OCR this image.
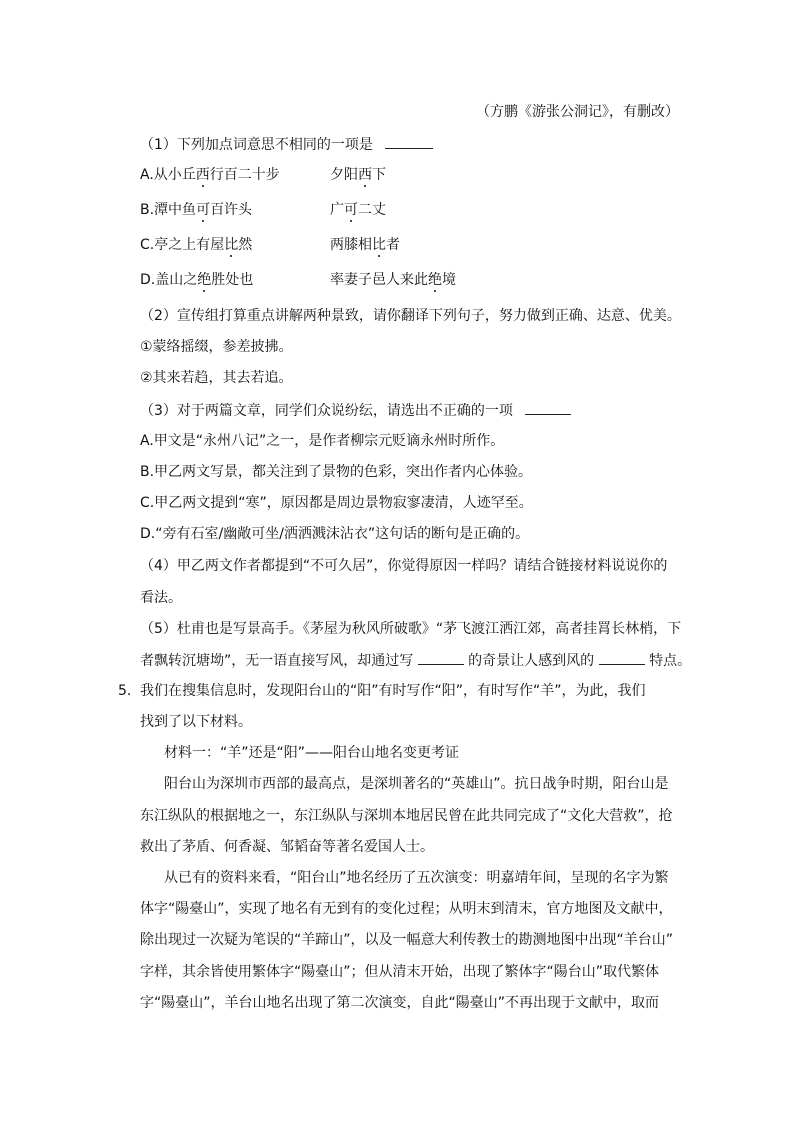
（方鹏《游张公洞记》，有删改）
（1）下列加点词意思不相同的一项是
A.从小丘西行百二十步	夕阳西下
B.潭中鱼可百许头	广可二丈
C.亭之上有屋比然	两膝相比者
D.盖山之绝胜处也	率妻子邑人来此绝境
（2）宣传组打算重点讲解两种景致，请你翻译下列句子，努力做到正确、达意、优美。
①蒙络摇缀，参差披拂。
②其来若趋，其去若追。
（3）对于两篇文章，同学们众说纷纭，请选出不正确的一项
A.甲文是“永州八记”之一，是作者柳宗元贬谪永州时所作。
B.甲乙两文写景，都关注到了景物的色彩，突出作者内心体验。
C.甲乙两文提到“寒”，原因都是周边景物寂寥凄清，人迹罕至。
D.“旁有石室/幽敞可坐/洒洒溅沫沾衣”这句话的断句是正确的。
（4）甲乙两文作者都提到“不可久居”，你觉得原因一样吗？请结合链接材料说说你的
看法。
（5）杜甫也是写景高手。《茅屋为秋风所破歌》“茅飞渡江洒江郊，高者挂罥长林梢，下
者飘转沉塘坳”，无一语直接写风，却通过写	的奇景让人感到风的	特点。
5. 我们在搜集信息时，发现阳台山的“阳”有时写作“阳”，有时写作“羊”，为此，我们
找到了以下材料。
材料一：“羊”还是“阳”——阳台山地名变更考证
阳台山为深圳市西部的最高点，是深圳著名的“英雄山”。抗日战争时期，阳台山是
东江纵队的根据地之一，东江纵队与深圳本地居民曾在此共同完成了“文化大营救”，抢
救出了茅盾、何香凝、邹韬奋等著名爱国人士。
从已有的资料来看，“阳台山”地名经历了五次演变：明嘉靖年间，呈现的名字为繁
体字“陽臺山”，实现了地名有无到有的变化过程；从明末到清末，官方地图及文献中，
除出现过一次疑为笔误的“羊蹄山”，以及一幅意大利传教士的勘测地图中出现“羊台山”
字样，其余皆使用繁体字“陽臺山”；但从清末开始，出现了繁体字“陽台山”取代繁体
字“陽臺山”，羊台山地名出现了第二次演变，自此“陽臺山”不再出现于文献中，取而
